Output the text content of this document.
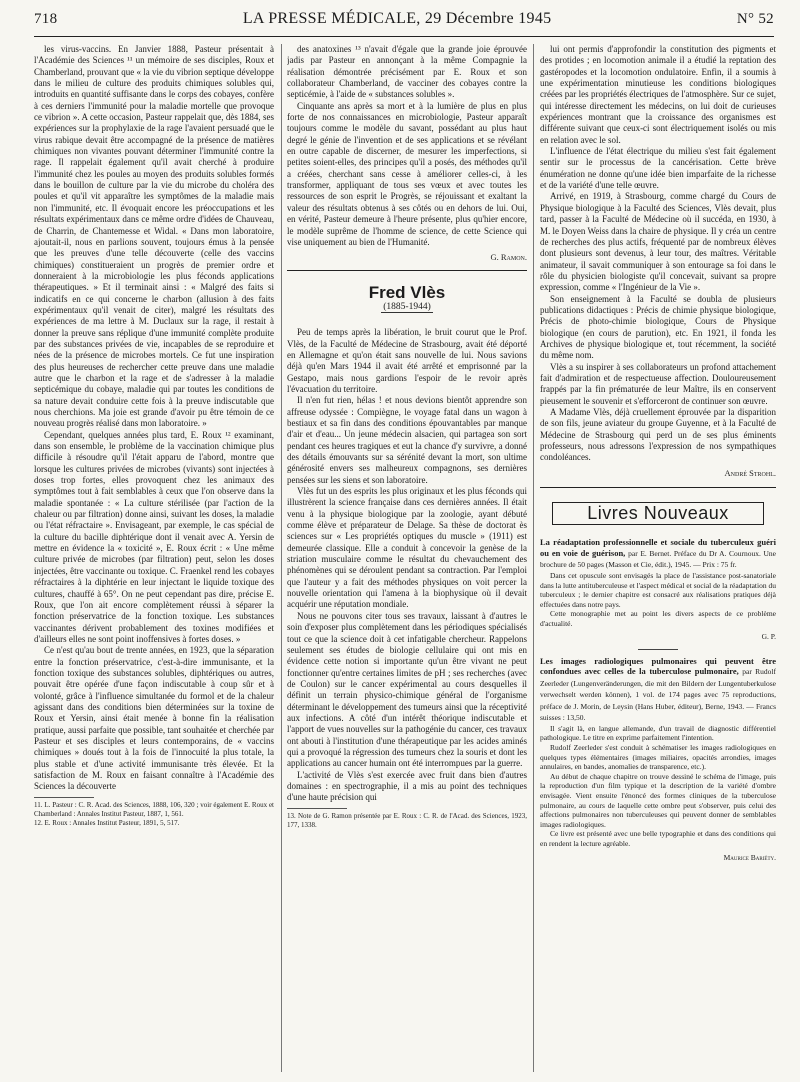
718	LA PRESSE MÉDICALE, 29 Décembre 1945	N° 52

les virus-vaccins. En Janvier 1888, Pasteur présentait à l'Académie des Sciences ¹¹ un mémoire de ses disciples, Roux et Chamberland, prouvant que « la vie du vibrion septique développe dans le milieu de culture des produits chimiques solubles qui, introduits en quantité suffisante dans le corps des cobayes, confère à ces derniers l'immunité pour la maladie mortelle que provoque ce vibrion ». A cette occasion, Pasteur rappelait que, dès 1884, ses expériences sur la prophylaxie de la rage l'avaient persuadé que le virus rabique devait être accompagné de la présence de matières chimiques non vivantes pouvant déterminer l'immunité contre la rage. Il rappelait également qu'il avait cherché à produire l'immunité chez les poules au moyen des produits solubles formés dans le bouillon de culture par la vie du microbe du choléra des poules et qu'il vit apparaître les symptômes de la maladie mais non l'immunité, etc. Il évoquait encore les préoccupations et les résultats expérimentaux dans ce même ordre d'idées de Chauveau, de Charrin, de Chantemesse et Widal. « Dans mon laboratoire, ajoutait-il, nous en parlions souvent, toujours émus à la pensée que les preuves d'une telle découverte (celle des vaccins chimiques) constitueraient un progrès de premier ordre et donneraient à la microbiologie les plus féconds applications thérapeutiques. » Et il terminait ainsi : « Malgré des faits si indicatifs en ce qui concerne le charbon (allusion à des faits expérimentaux qu'il venait de citer), malgré les résultats des expériences de ma lettre à M. Duclaux sur la rage, il restait à donner la preuve sans réplique d'une immunité complète produite par des substances privées de vie, incapables de se reproduire et nées de la présence de microbes mortels. Ce fut une inspiration des plus heureuses de rechercher cette preuve dans une maladie autre que le charbon et la rage et de s'adresser à la maladie septicémique du cobaye, maladie qui par toutes les conditions de sa nature devait conduire cette fois à la preuve indiscutable que nous cherchions. Ma joie est grande d'avoir pu être témoin de ce nouveau progrès réalisé dans mon laboratoire. »

Cependant, quelques années plus tard, E. Roux ¹² examinant, dans son ensemble, le problème de la vaccination chimique plus difficile à résoudre qu'il l'était apparu de l'abord, montre que lorsque les cultures privées de microbes (vivants) sont injectées à doses trop fortes, elles provoquent chez les animaux des symptômes tout à fait semblables à ceux que l'on observe dans la maladie spontanée : « La culture stérilisée (par l'action de la chaleur ou par filtration) donne ainsi, suivant les doses, la maladie ou l'état réfractaire ». Envisageant, par exemple, le cas spécial de la culture du bacille diphtérique dont il venait avec A. Yersin de mettre en évidence la « toxicité », E. Roux écrit : « Une même culture privée de microbes (par filtration) peut, selon les doses injectées, être vaccinante ou toxique. C. Fraenkel rend les cobayes réfractaires à la diphtérie en leur injectant le liquide toxique des cultures, chauffé à 65°. On ne peut cependant pas dire, précise E. Roux, que l'on ait encore complètement réussi à séparer la fonction préservatrice de la fonction toxique. Les substances vaccinantes dérivent probablement des toxines modifiées et d'ailleurs elles ne sont point inoffensives à fortes doses. »

Ce n'est qu'au bout de trente années, en 1923, que la séparation entre la fonction préservatrice, c'est-à-dire immunisante, et la fonction toxique des substances solubles, diphtériques ou autres, pouvait être opérée d'une façon indiscutable à coup sûr et à volonté, grâce à l'influence simultanée du formol et de la chaleur agissant dans des conditions bien déterminées sur la toxine de Roux et Yersin, ainsi était menée à bonne fin la réalisation pratique, aussi parfaite que possible, tant souhaitée et cherchée par Pasteur et ses disciples et leurs contemporains, de « vaccins chimiques » doués tout à la fois de l'innocuité la plus totale, la plus stable et d'une activité immunisante très élevée. Et la satisfaction de M. Roux en faisant connaître à l'Académie des Sciences la découverte

11. L. Pasteur : C. R. Acad. des Sciences, 1888, 106, 320 ; voir également E. Roux et Chamberland : Annales Institut Pasteur, 1887, 1, 561.

12. E. Roux : Annales Institut Pasteur, 1891, 5, 517.

des anatoxines ¹³ n'avait d'égale que la grande joie éprouvée jadis par Pasteur en annonçant à la même Compagnie la réalisation démontrée précisément par E. Roux et son collaborateur Chamberland, de vacciner des cobayes contre la septicémie, à l'aide de « substances solubles ».

Cinquante ans après sa mort et à la lumière de plus en plus forte de nos connaissances en microbiologie, Pasteur apparaît toujours comme le modèle du savant, possédant au plus haut degré le génie de l'invention et de ses applications et se révélant en outre capable de discerner, de mesurer les imperfections, si petites soient-elles, des principes qu'il a posés, des méthodes qu'il a créées, cherchant sans cesse à améliorer celles-ci, à les transformer, appliquant de tous ses vœux et avec toutes les ressources de son esprit le Progrès, se réjouissant et exaltant la valeur des résultats obtenus à ses côtés ou en dehors de lui. Oui, en vérité, Pasteur demeure à l'heure présente, plus qu'hier encore, le modèle suprême de l'homme de science, de cette Science qui vise uniquement au bien de l'Humanité.

G. Ramon.

Fred Vlès
(1885-1944)

Peu de temps après la libération, le bruit courut que le Prof. Vlès, de la Faculté de Médecine de Strasbourg, avait été déporté en Allemagne et qu'on était sans nouvelle de lui. Nous savions déjà qu'en Mars 1944 il avait été arrêté et emprisonné par la Gestapo, mais nous gardions l'espoir de le revoir après l'évacuation du territoire.

Il n'en fut rien, hélas ! et nous devions bientôt apprendre son affreuse odyssée : Compiègne, le voyage fatal dans un wagon à bestiaux et sa fin dans des conditions épouvantables par manque d'air et d'eau... Un jeune médecin alsacien, qui partagea son sort pendant ces heures tragiques et eut la chance d'y survivre, a donné des détails émouvants sur sa sérénité devant la mort, son ultime générosité envers ses malheureux compagnons, ses dernières pensées sur les siens et son laboratoire.

Vlès fut un des esprits les plus originaux et les plus féconds qui illustrèrent la science française dans ces dernières années. Il était venu à la physique biologique par la zoologie, ayant débuté comme élève et préparateur de Delage. Sa thèse de doctorat ès sciences sur « Les propriétés optiques du muscle » (1911) est demeurée classique. Elle a conduit à concevoir la genèse de la striation musculaire comme le résultat du chevauchement des phénomènes qui se déroulent pendant sa contraction. Par l'emploi que l'auteur y a fait des méthodes physiques on voit percer la nouvelle orientation qui l'amena à la biophysique où il devait acquérir une réputation mondiale.

Nous ne pouvons citer tous ses travaux, laissant à d'autres le soin d'exposer plus complètement dans les périodiques spécialisés tout ce que la science doit à cet infatigable chercheur. Rappelons seulement ses études de biologie cellulaire qui ont mis en évidence cette notion si importante qu'un être vivant ne peut fonctionner qu'entre certaines limites de pH ; ses recherches (avec de Coulon) sur le cancer expérimental au cours desquelles il définit un terrain physico-chimique général de l'organisme déterminant le développement des tumeurs ainsi que la réceptivité aux infections. A côté d'un intérêt théorique indiscutable et l'apport de vues nouvelles sur la pathogénie du cancer, ces travaux ont abouti à l'institution d'une thérapeutique par les acides aminés qui a provoqué la régression des tumeurs chez la souris et dont les applications au cancer humain ont été interrompues par la guerre.

L'activité de Vlès s'est exercée avec fruit dans bien d'autres domaines : en spectrographie, il a mis au point des techniques d'une haute précision qui

13. Note de G. Ramon présentée par E. Roux : C. R. de l'Acad. des Sciences, 1923, 177, 1338.

lui ont permis d'approfondir la constitution des pigments et des protides ; en locomotion animale il a étudié la reptation des gastéropodes et la locomotion ondulatoire. Enfin, il a soumis à une expérimentation minutieuse les conditions biologiques créées par les propriétés électriques de l'atmosphère. Sur ce sujet, qui intéresse directement les médecins, on lui doit de curieuses expériences montrant que la croissance des organismes est différente suivant que ceux-ci sont électriquement isolés ou mis en relation avec le sol.

L'influence de l'état électrique du milieu s'est fait également sentir sur le processus de la cancérisation. Cette brève énumération ne donne qu'une idée bien imparfaite de la richesse et de la variété d'une telle œuvre.

Arrivé, en 1919, à Strasbourg, comme chargé du Cours de Physique biologique à la Faculté des Sciences, Vlès devait, plus tard, passer à la Faculté de Médecine où il succéda, en 1930, à M. le Doyen Weiss dans la chaire de physique. Il y créa un centre de recherches des plus actifs, fréquenté par de nombreux élèves dont plusieurs sont devenus, à leur tour, des maîtres. Véritable animateur, il savait communiquer à son entourage sa foi dans le rôle du physicien biologiste qu'il concevait, suivant sa propre expression, comme « l'Ingénieur de la Vie ».

Son enseignement à la Faculté se doubla de plusieurs publications didactiques : Précis de chimie physique biologique, Précis de photo-chimie biologique, Cours de Physique biologique (en cours de parution), etc. En 1921, il fonda les Archives de physique biologique et, tout récemment, la société du même nom.

Vlès a su inspirer à ses collaborateurs un profond attachement fait d'admiration et de respectueuse affection. Douloureusement frappés par la fin prématurée de leur Maître, ils en conservent pieusement le souvenir et s'efforceront de continuer son œuvre.

A Madame Vlès, déjà cruellement éprouvée par la disparition de son fils, jeune aviateur du groupe Guyenne, et à la Faculté de Médecine de Strasbourg qui perd un de ses plus éminents professeurs, nous adressons l'expression de nos sympathiques condoléances.

André Strohl.

Livres Nouveaux

La réadaptation professionnelle et sociale du tuberculeux guéri ou en voie de guérison, par E. Bernet. Préface du Dr A. Cournoux. Une brochure de 50 pages (Masson et Cie, édit.), 1945. — Prix : 75 fr.

Dans cet opuscule sont envisagés la place de l'assistance post-sanatoriale dans la lutte antituberculeuse et l'aspect médical et social de la réadaptation du tuberculeux ; le dernier chapitre est consacré aux réalisations pratiques déjà effectuées dans notre pays.

Cette monographie met au point les divers aspects de ce problème d'actualité.

G. P.

Les images radiologiques pulmonaires qui peuvent être confondues avec celles de la tuberculose pulmonaire, par Rudolf Zeerleder (Lungenveränderungen, die mit den Bildern der Lungentuberkulose verwechselt werden können), 1 vol. de 174 pages avec 75 reproductions, préface de J. Morin, de Leysin (Hans Huber, éditeur), Berne, 1943. — Francs suisses : 13,50.

Il s'agit là, en langue allemande, d'un travail de diagnostic différentiel pathologique. Le titre en exprime parfaitement l'intention.

Rudolf Zeerleder s'est conduit à schématiser les images radiologiques en quelques types élémentaires (images miliaires, opacités arrondies, images annulaires, en bandes, anomalies de transparence, etc.).

Au début de chaque chapitre on trouve dessiné le schéma de l'image, puis la reproduction d'un film typique et la description de la variété d'ombre envisagée. Vient ensuite l'énoncé des formes cliniques de la tuberculose pulmonaire, au cours de laquelle cette ombre peut s'observer, puis celui des affections pulmonaires non tuberculeuses qui peuvent donner de semblables images radiologiques.

Ce livre est présenté avec une belle typographie et dans des conditions qui en rendent la lecture agréable.

Maurice Bariéty.
